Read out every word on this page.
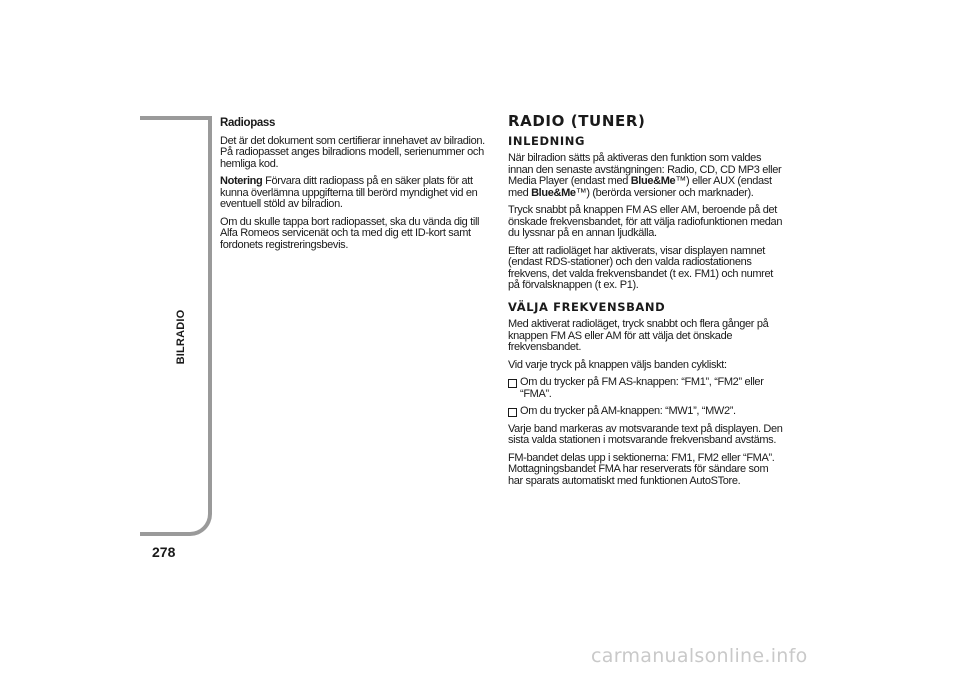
BILRADIO
278
Radiopass

Det är det dokument som certifierar innehavet av bilradion. På radiopasset anges bilradions modell, serienummer och hemliga kod.

Notering Förvara ditt radiopass på en säker plats för att kunna överlämna uppgifterna till berörd myndighet vid en eventuell stöld av bilradion.

Om du skulle tappa bort radiopasset, ska du vända dig till Alfa Romeos servicenät och ta med dig ett ID-kort samt fordonets registreringsbevis.

RADIO (TUNER)
INLEDNING

När bilradion sätts på aktiveras den funktion som valdes innan den senaste avstängningen: Radio, CD, CD MP3 eller Media Player (endast med Blue&Me™) eller AUX (endast med Blue&Me™) (berörda versioner och marknader).

Tryck snabbt på knappen FM AS eller AM, beroende på det önskade frekvensbandet, för att välja radiofunktionen medan du lyssnar på en annan ljudkälla.

Efter att radioläget har aktiverats, visar displayen namnet (endast RDS-stationer) och den valda radiostationens frekvens, det valda frekvensbandet (t ex. FM1) och numret på förvalsknappen (t ex. P1).

VÄLJA FREKVENSBAND

Med aktiverat radioläget, tryck snabbt och flera gånger på knappen FM AS eller AM för att välja det önskade frekvensbandet.

Vid varje tryck på knappen väljs banden cykliskt:

Om du trycker på FM AS-knappen: “FM1”, “FM2” eller “FMA”.
Om du trycker på AM-knappen: “MW1”, “MW2”.

Varje band markeras av motsvarande text på displayen. Den sista valda stationen i motsvarande frekvensband avstäms.

FM-bandet delas upp i sektionerna: FM1, FM2 eller “FMA”. Mottagningsbandet FMA har reserverats för sändare som har sparats automatiskt med funktionen AutoSTore.

carmanualsonline.info
